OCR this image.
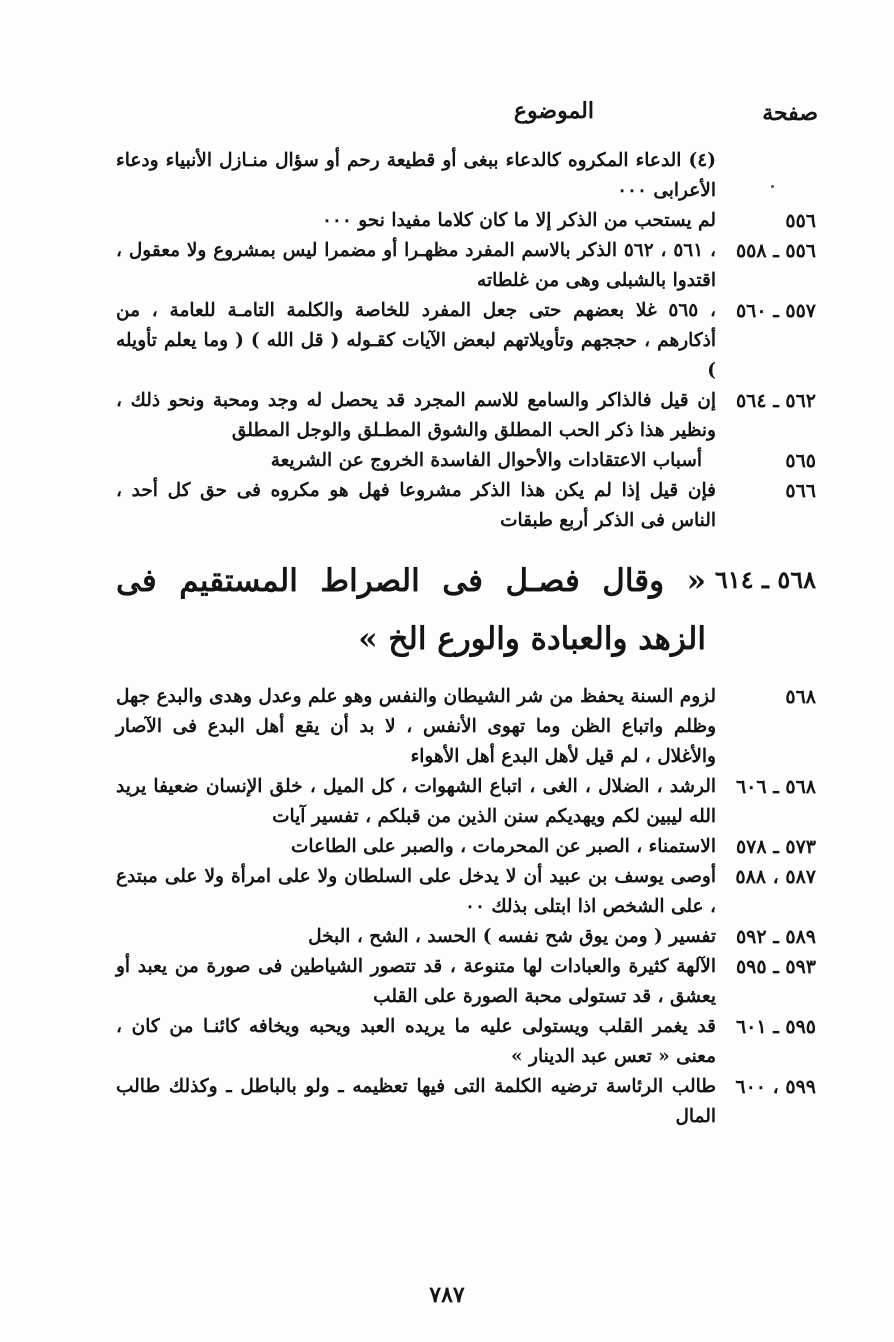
صفحة
الموضوع
(٤) الدعاء المكروه كالدعاء ببغى أو قطيعة رحم أو سؤال منـازل الأنبياء ودعاء الأعرابى ٠٠٠
٥٥٦
لم يستحب من الذكر إلا ما كان كلاما مفيدا نحو ٠٠٠
٥٥٦ ـ ٥٥٨
، ٥٦١ ، ٥٦٢ الذكر بالاسم المفرد مظهـرا أو مضمرا ليس بمشروع ولا معقول ، اقتدوا بالشبلى وهى من غلطاته
٥٥٧ ـ ٥٦٠
، ٥٦٥ غلا بعضهم حتى جعل المفرد للخاصة والكلمة التامـة للعامة ، من أذكارهم ، حججهم وتأويلاتهم لبعض الآيات كقـوله ( قل الله ) ( وما يعلم تأويله )
٥٦٢ ـ ٥٦٤
إن قيل فالذاكر والسامع للاسم المجرد قد يحصل له وجد ومحبة ونحو ذلك ، ونظير هذا ذكر الحب المطلق والشوق المطـلق والوجل المطلق
٥٦٥
أسباب الاعتقادات والأحوال الفاسدة الخروج عن الشريعة
٥٦٦
فإن قيل إذا لم يكن هذا الذكر مشروعا فهل هو مكروه فى حق كل أحد ، الناس فى الذكر أربع طبقات
٥٦٨ ـ ٦١٤
« وقال فصـل فى الصراط المستقيم فى الزهد والعبادة والورع الخ »
٥٦٨
لزوم السنة يحفظ من شر الشيطان والنفس وهو علم وعدل وهدى والبدع جهل وظلم واتباع الظن وما تهوى الأنفس ، لا بد أن يقع أهل البدع فى الآصار والأغلال ، لم قيل لأهل البدع أهل الأهواء
٥٦٨ ـ ٦٠٦
الرشد ، الضلال ، الغى ، اتباع الشهوات ، كل الميل ، خلق الإنسان ضعيفا يريد الله ليبين لكم ويهديكم سنن الذين من قبلكم ، تفسير آيات
٥٧٣ ـ ٥٧٨
الاستمناء ، الصبر عن المحرمات ، والصبر على الطاعات
٥٨٧ ، ٥٨٨
أوصى يوسف بن عبيد أن لا يدخل على السلطان ولا على امرأة ولا على مبتدع ، على الشخص اذا ابتلى بذلك ٠٠
٥٨٩ ـ ٥٩٢
تفسير ( ومن يوق شح نفسه ) الحسد ، الشح ، البخل
٥٩٣ ـ ٥٩٥
الآلهة كثيرة والعبادات لها متنوعة ، قد تتصور الشياطين فى صورة من يعبد أو يعشق ، قد تستولى محبة الصورة على القلب
٥٩٥ ـ ٦٠١
قد يغمر القلب ويستولى عليه ما يريده العبد ويحبه ويخافه كائنـا من كان ، معنى « تعس عبد الدينار »
٥٩٩ ، ٦٠٠
طالب الرئاسة ترضيه الكلمة التى فيها تعظيمه ـ ولو بالباطل ـ وكذلك طالب المال
٧٨٧
